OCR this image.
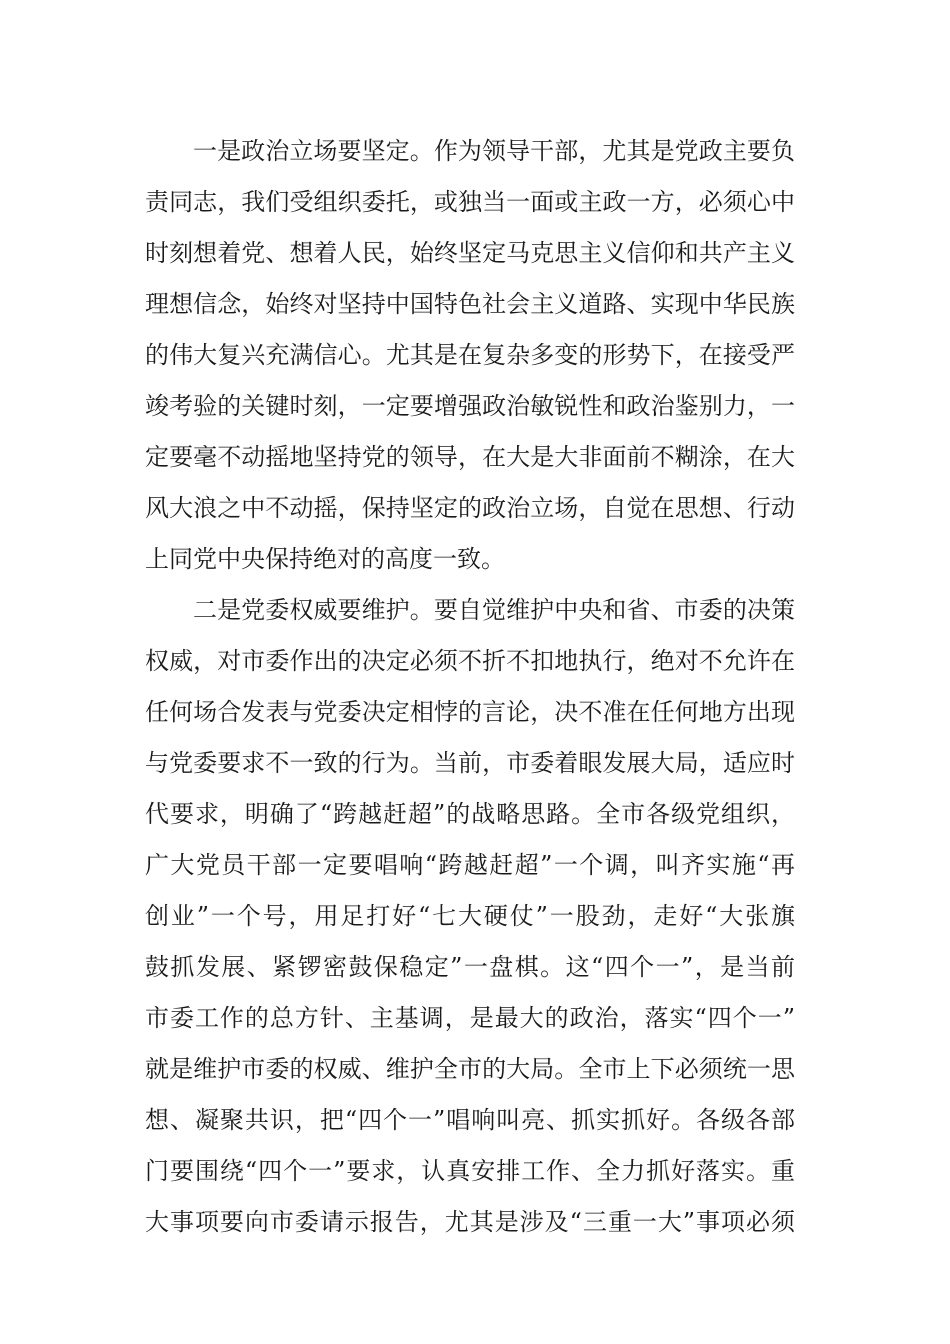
一是政治立场要坚定。作为领导干部，尤其是党政主要负
责同志，我们受组织委托，或独当一面或主政一方，必须心中
时刻想着党、想着人民，始终坚定马克思主义信仰和共产主义
理想信念，始终对坚持中国特色社会主义道路、实现中华民族
的伟大复兴充满信心。尤其是在复杂多变的形势下，在接受严
竣考验的关键时刻，一定要增强政治敏锐性和政治鉴别力，一
定要毫不动摇地坚持党的领导，在大是大非面前不糊涂，在大
风大浪之中不动摇，保持坚定的政治立场，自觉在思想、行动
上同党中央保持绝对的高度一致。
二是党委权威要维护。要自觉维护中央和省、市委的决策
权威，对市委作出的决定必须不折不扣地执行，绝对不允许在
任何场合发表与党委决定相悖的言论，决不准在任何地方出现
与党委要求不一致的行为。当前，市委着眼发展大局，适应时
代要求，明确了“跨越赶超”的战略思路。全市各级党组织，
广大党员干部一定要唱响“跨越赶超”一个调，叫齐实施“再
创业”一个号，用足打好“七大硬仗”一股劲，走好“大张旗
鼓抓发展、紧锣密鼓保稳定”一盘棋。这“四个一”，是当前
市委工作的总方针、主基调，是最大的政治，落实“四个一”
就是维护市委的权威、维护全市的大局。全市上下必须统一思
想、凝聚共识，把“四个一”唱响叫亮、抓实抓好。各级各部
门要围绕“四个一”要求，认真安排工作、全力抓好落实。重
大事项要向市委请示报告，尤其是涉及“三重一大”事项必须
